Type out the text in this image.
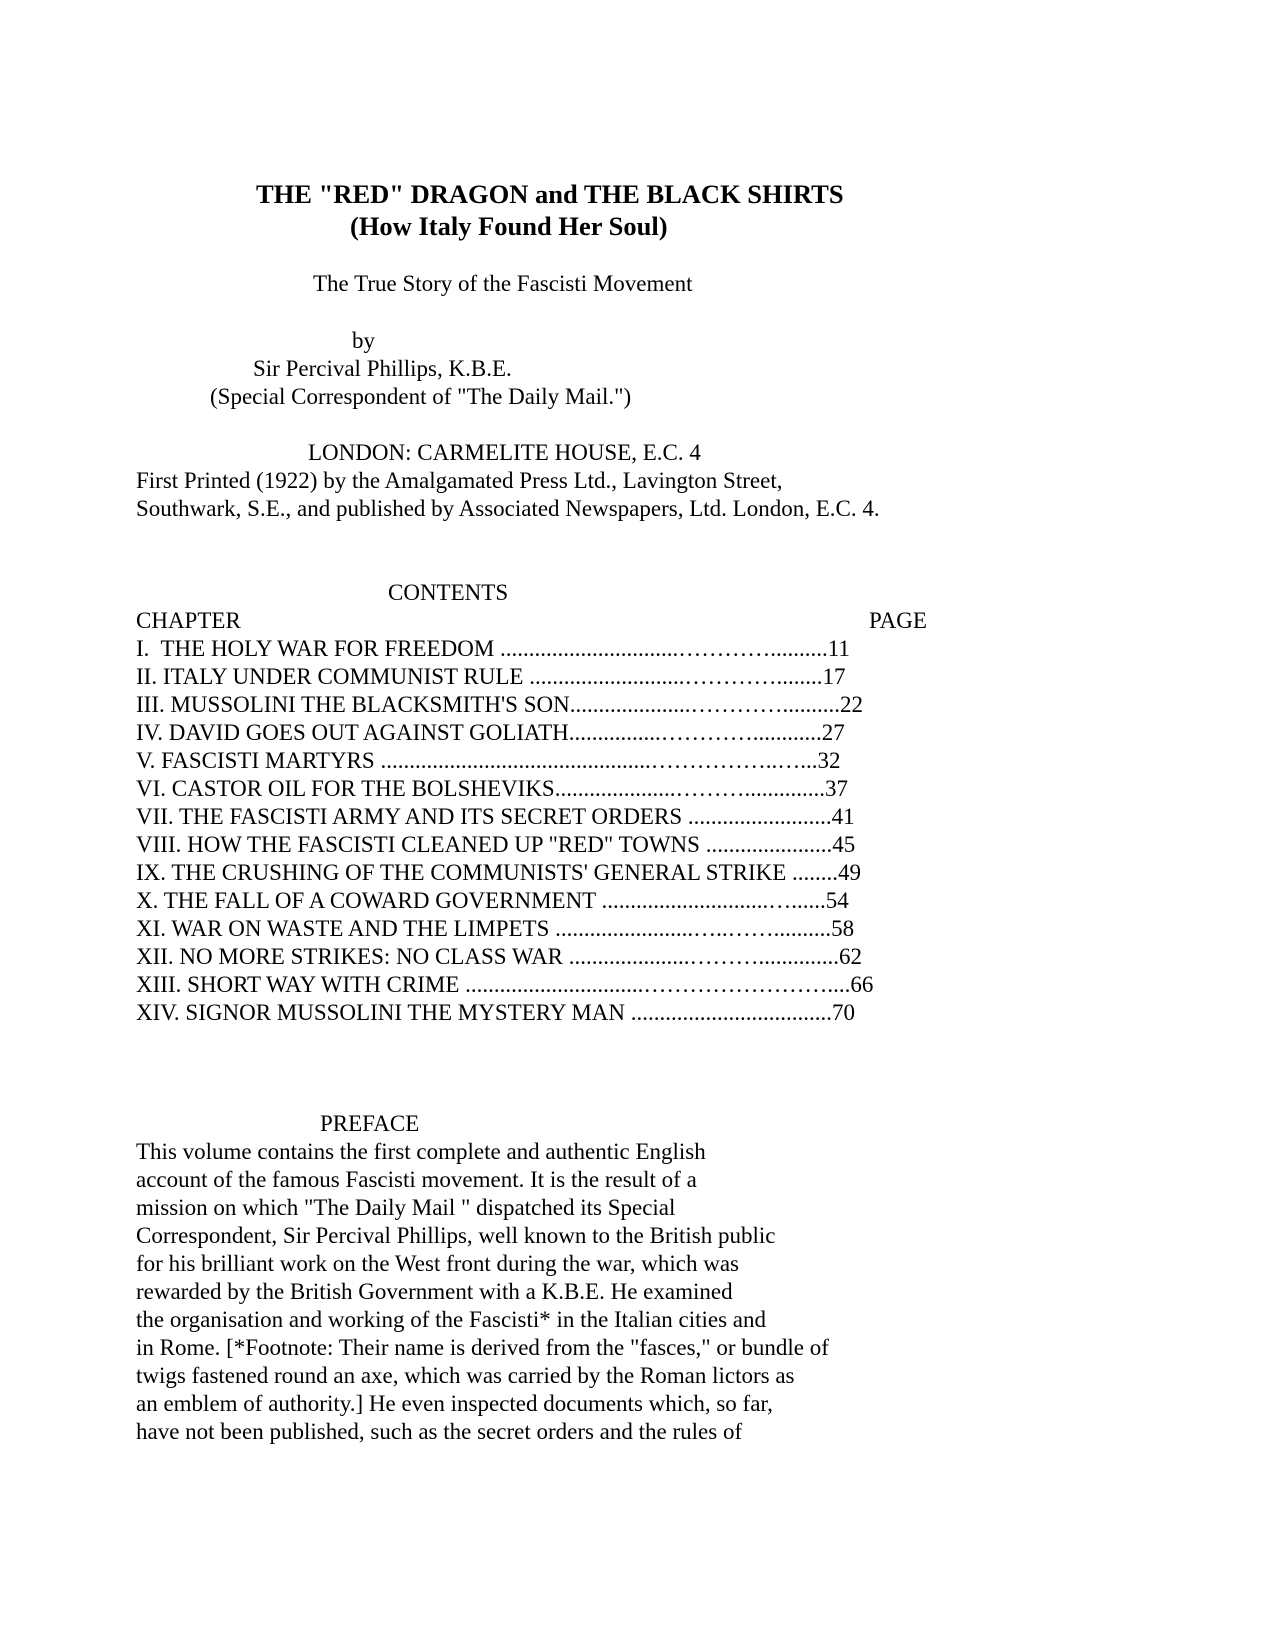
THE "RED" DRAGON and THE BLACK SHIRTS
(How Italy Found Her Soul)
The True Story of the Fascisti Movement
by
Sir Percival Phillips, K.B.E.
(Special Correspondent of "The Daily Mail.")
LONDON: CARMELITE HOUSE, E.C. 4
First Printed (1922) by the Amalgamated Press Ltd., Lavington Street,
Southwark, S.E., and published by Associated Newspapers, Ltd. London, E.C. 4.
CONTENTS
CHAPTER	PAGE
I.  THE HOLY WAR FOR FREEDOM ...............................…………..........11
II. ITALY UNDER COMMUNIST RULE ...........................…………........17
III. MUSSOLINI THE BLACKSMITH'S SON.....................…………..........22
IV. DAVID GOES OUT AGAINST GOLIATH................…………............27
V. FASCISTI MARTYRS ...............................................……………..…...32
VI. CASTOR OIL FOR THE BOLSHEVIKS.....................………..............37
VII. THE FASCISTI ARMY AND ITS SECRET ORDERS .........................41
VIII. HOW THE FASCISTI CLEANED UP "RED" TOWNS ......................45
IX. THE CRUSHING OF THE COMMUNISTS' GENERAL STRIKE ........49
X. THE FALL OF A COWARD GOVERNMENT .............................…......54
XI. WAR ON WASTE AND THE LIMPETS ........................…..……..........58
XII. NO MORE STRIKES: NO CLASS WAR .....................………..............62
XIII. SHORT WAY WITH CRIME ...............................……………………....66
XIV. SIGNOR MUSSOLINI THE MYSTERY MAN ...................................70
PREFACE
This volume contains the first complete and authentic English
account of the famous Fascisti movement. It is the result of a
mission on which "The Daily Mail " dispatched its Special
Correspondent, Sir Percival Phillips, well known to the British public
for his brilliant work on the West front during the war, which was
rewarded by the British Government with a K.B.E. He examined
the organisation and working of the Fascisti* in the Italian cities and
in Rome. [*Footnote: Their name is derived from the "fasces," or bundle of
twigs fastened round an axe, which was carried by the Roman lictors as
an emblem of authority.] He even inspected documents which, so far,
have not been published, such as the secret orders and the rules of
